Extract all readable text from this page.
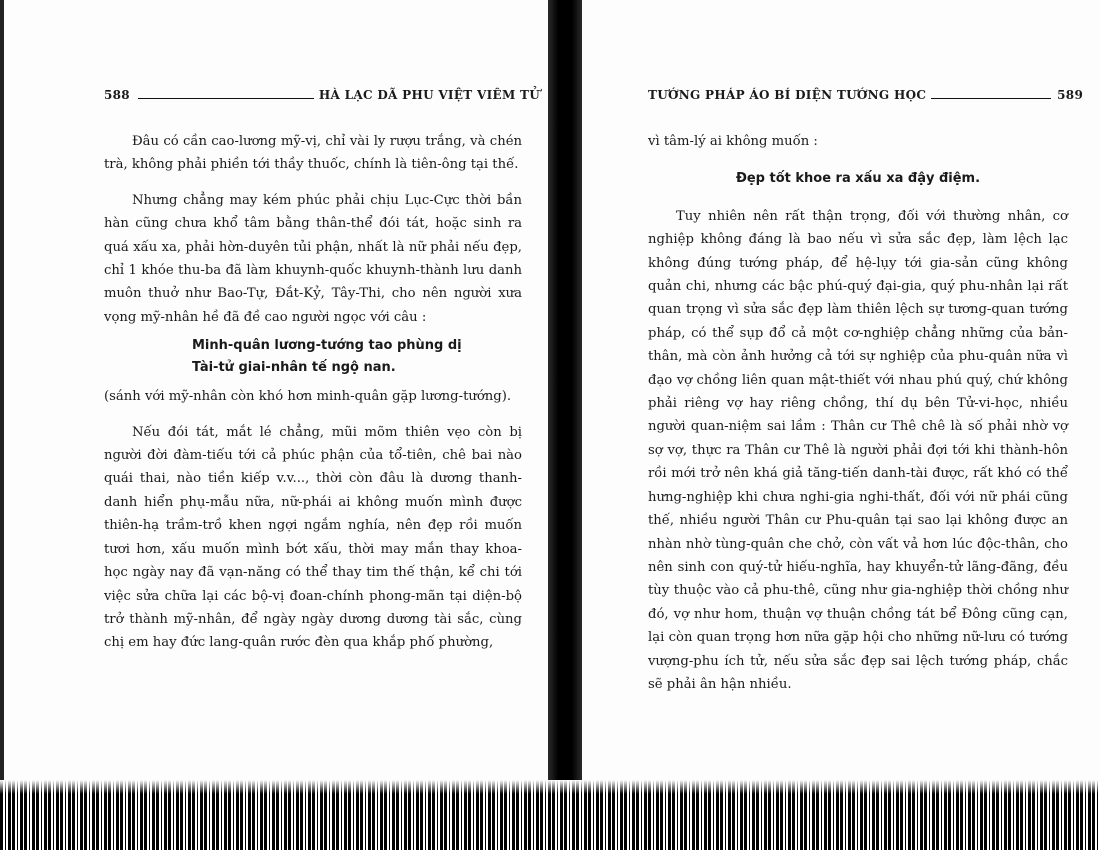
588	HÀ LẠC DÃ PHU VIỆT VIÊM TỬ

Đâu có cần cao-lương mỹ-vị, chỉ vài ly rượu trắng, và chén trà, không phải phiền tới thầy thuốc, chính là tiên-ông tại thế.

Nhưng chẳng may kém phúc phải chịu Lục-Cực thời bần hàn cũng chưa khổ tâm bằng thân-thể đói tát, hoặc sinh ra quá xấu xa, phải hờn-duyên tủi phận, nhất là nữ phải nếu đẹp, chỉ 1 khóe thu-ba đã làm khuynh-quốc khuynh-thành lưu danh muôn thuở như Bao-Tự, Đắt-Kỷ, Tây-Thi, cho nên người xưa vọng mỹ-nhân hề đã đề cao người ngọc với câu :

Minh-quân lương-tướng tao phùng dị
Tài-tử giai-nhân tế ngộ nan.

(sánh với mỹ-nhân còn khó hơn minh-quân gặp lương-tướng).

Nếu đói tát, mắt lé chẳng, mũi mõm thiên vẹo còn bị người đời đàm-tiếu tới cả phúc phận của tổ-tiên, chê bai nào quái thai, nào tiền kiếp v.v..., thời còn đâu là dương thanh-danh hiển phụ-mẫu nữa, nữ-phái ai không muốn mình được thiên-hạ trầm-trồ khen ngợi ngắm nghía, nên đẹp rồi muốn tươi hơn, xấu muốn mình bớt xấu, thời may mắn thay khoa-học ngày nay đã vạn-năng có thể thay tim thế thận, kể chi tới việc sửa chữa lại các bộ-vị đoan-chính phong-mãn tại diện-bộ trở thành mỹ-nhân, để ngày ngày dương dương tài sắc, cùng chị em hay đức lang-quân rước đèn qua khắp phố phường,

TƯỚNG PHÁP ÁO BÍ DIỆN TƯỚNG HỌC	589

vì tâm-lý ai không muốn :

Đẹp tốt khoe ra xấu xa đậy điệm.

Tuy nhiên nên rất thận trọng, đối với thường nhân, cơ nghiệp không đáng là bao nếu vì sửa sắc đẹp, làm lệch lạc không đúng tướng pháp, để hệ-lụy tới gia-sản cũng không quản chi, nhưng các bậc phú-quý đại-gia, quý phu-nhân lại rất quan trọng vì sửa sắc đẹp làm thiên lệch sự tương-quan tướng pháp, có thể sụp đổ cả một cơ-nghiệp chẳng những của bản-thân, mà còn ảnh hưởng cả tới sự nghiệp của phu-quân nữa vì đạo vợ chồng liên quan mật-thiết với nhau phú quý, chứ không phải riêng vợ hay riêng chồng, thí dụ bên Tử-vi-học, nhiều người quan-niệm sai lầm : Thân cư Thê chê là số phải nhờ vợ sợ vợ, thực ra Thân cư Thê là người phải đợi tới khi thành-hôn rồi mới trở nên khá giả tăng-tiến danh-tài được, rất khó có thể hưng-nghiệp khi chưa nghi-gia nghi-thất, đối với nữ phái cũng thế, nhiều người Thân cư Phu-quân tại sao lại không được an nhàn nhờ tùng-quân che chở, còn vất vả hơn lúc độc-thân, cho nên sinh con quý-tử hiếu-nghĩa, hay khuyển-tử lãng-đãng, đều tùy thuộc vào cả phu-thê, cũng như gia-nghiệp thời chồng như đó, vợ như hom, thuận vợ thuận chồng tát bể Đông cũng cạn, lại còn quan trọng hơn nữa gặp hội cho những nữ-lưu có tướng vượng-phu ích tử, nếu sửa sắc đẹp sai lệch tướng pháp, chắc sẽ phải ân hận nhiều.
